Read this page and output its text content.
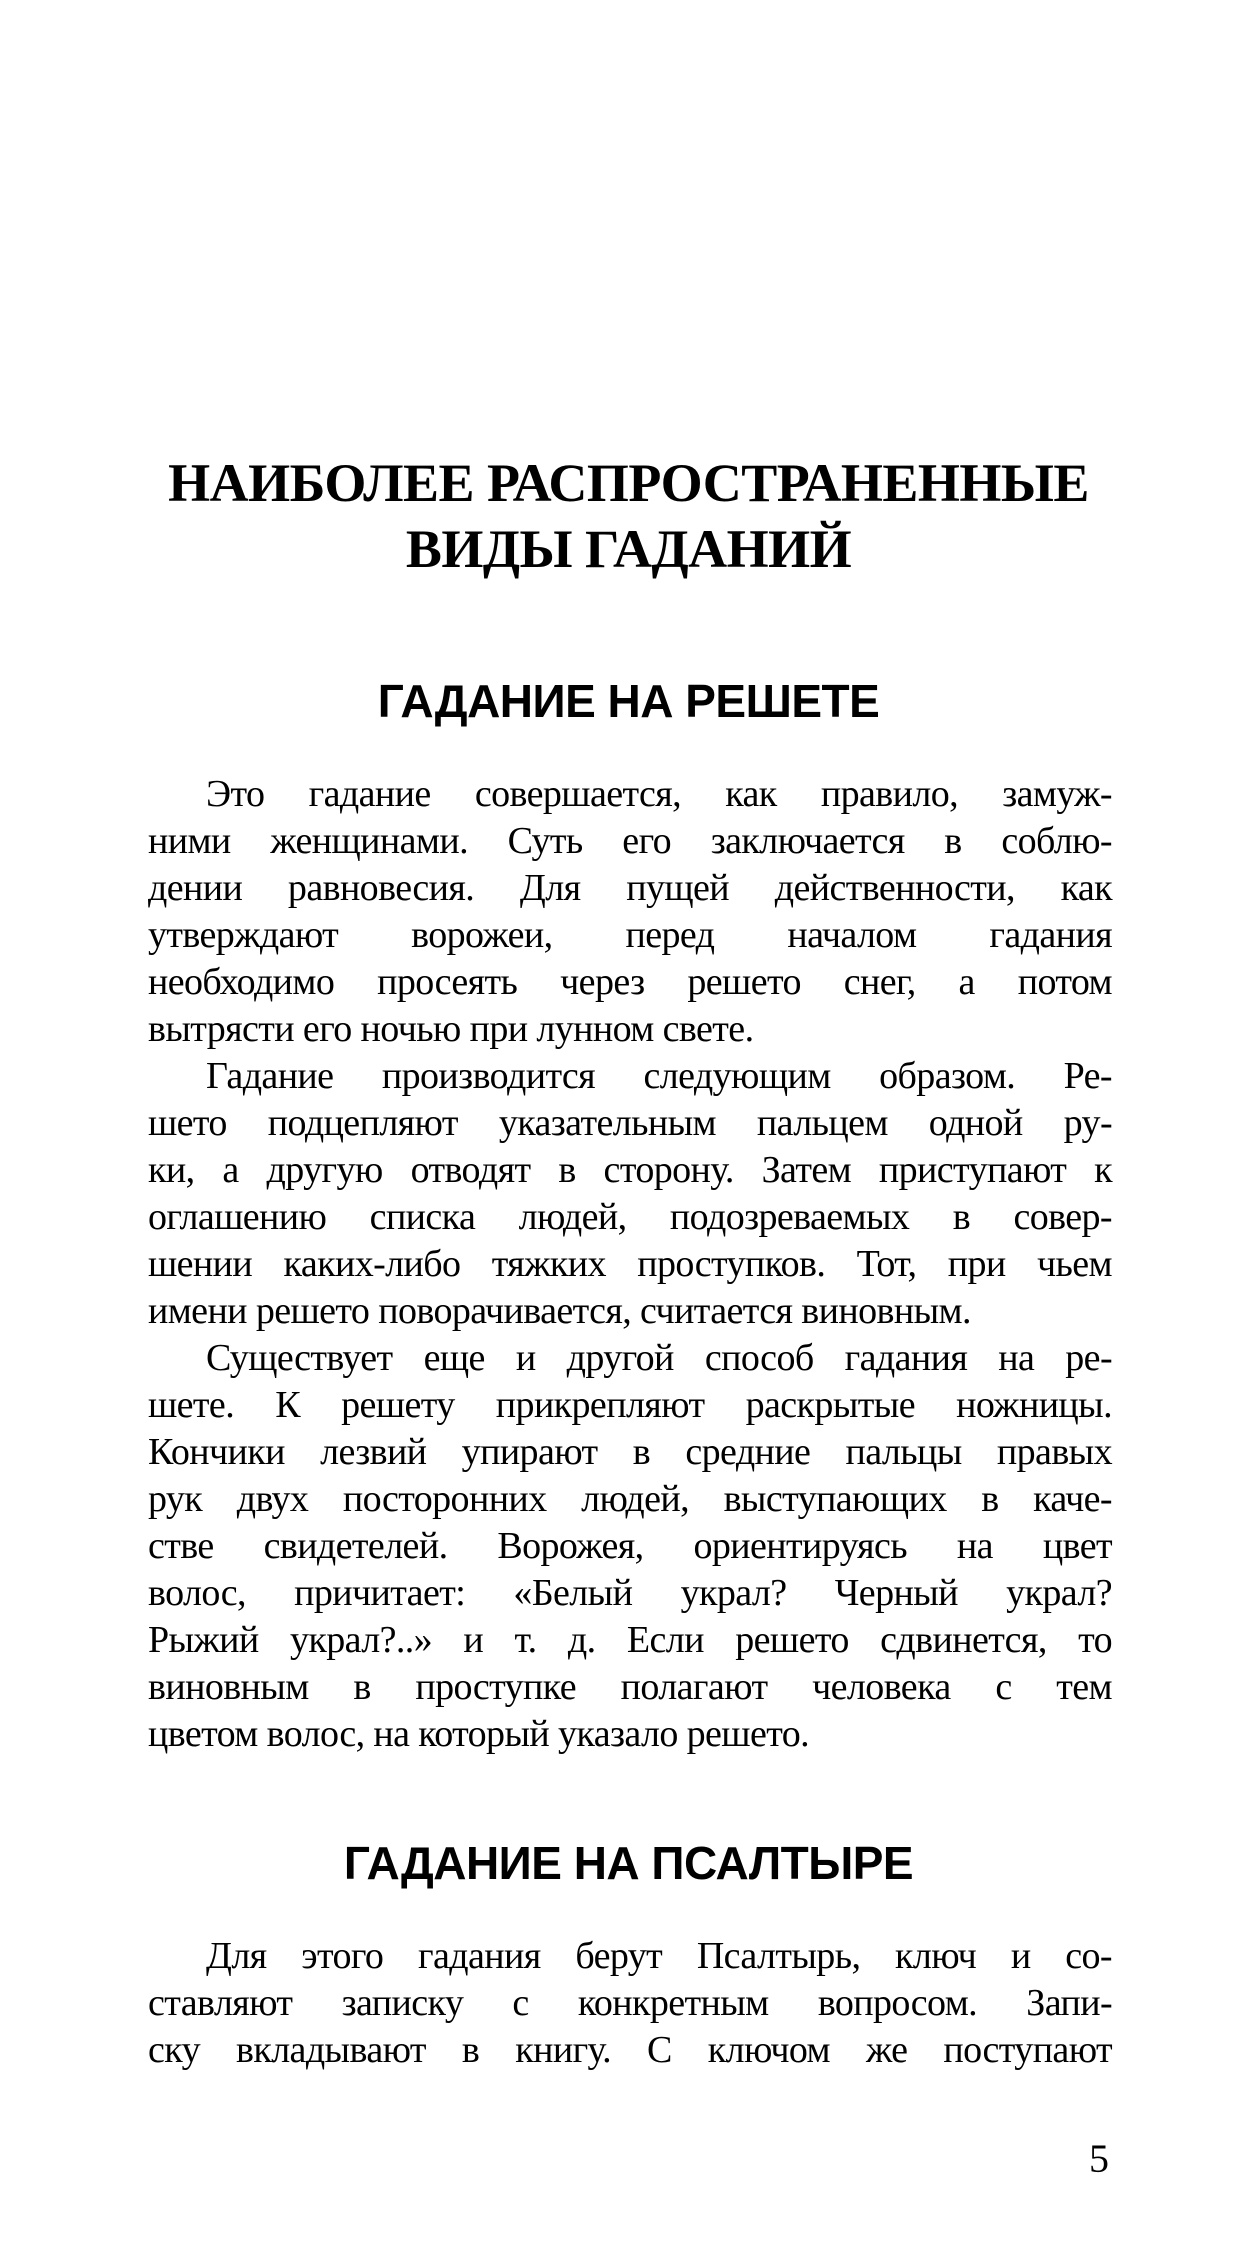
НАИБОЛЕЕ РАСПРОСТРАНЕННЫЕ
ВИДЫ ГАДАНИЙ
ГАДАНИЕ НА РЕШЕТЕ
Это гадание совершается, как правило, замуж-
ними женщинами. Суть его заключается в соблю-
дении равновесия. Для пущей действенности, как
утверждают ворожеи, перед началом гадания
необходимо просеять через решето снег, а потом
вытрясти его ночью при лунном свете.
Гадание производится следующим образом. Ре-
шето подцепляют указательным пальцем одной ру-
ки, а другую отводят в сторону. Затем приступают к
оглашению списка людей, подозреваемых в совер-
шении каких-либо тяжких проступков. Тот, при чьем
имени решето поворачивается, считается виновным.
Существует еще и другой способ гадания на ре-
шете. К решету прикрепляют раскрытые ножницы.
Кончики лезвий упирают в средние пальцы правых
рук двух посторонних людей, выступающих в каче-
стве свидетелей. Ворожея, ориентируясь на цвет
волос, причитает: «Белый украл? Черный украл?
Рыжий украл?..» и т. д. Если решето сдвинется, то
виновным в проступке полагают человека с тем
цветом волос, на который указало решето.
ГАДАНИЕ НА ПСАЛТЫРЕ
Для этого гадания берут Псалтырь, ключ и со-
ставляют записку с конкретным вопросом. Запи-
ску вкладывают в книгу. С ключом же поступают
5
